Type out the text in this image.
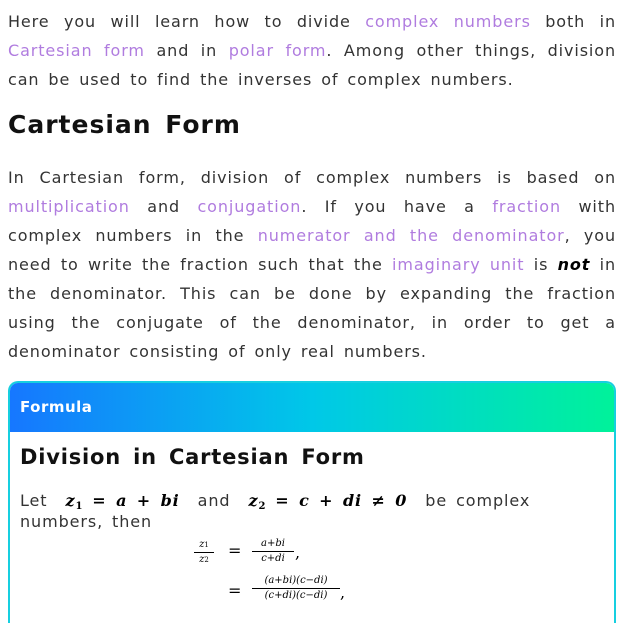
Here you will learn how to divide complex numbers both in Cartesian form and in polar form. Among other things, division can be used to find the inverses of complex numbers.

Cartesian Form

In Cartesian form, division of complex numbers is based on multiplication and conjugation. If you have a fraction with complex numbers in the numerator and the denominator, you need to write the fraction such that the imaginary unit is not in the denominator. This can be done by expanding the fraction using the conjugate of the denominator, in order to get a denominator consisting of only real numbers.

Formula
Division in Cartesian Form

Let $z_1 = a$ + bi and $z_2 = c$ + di ≠ 0 be complex numbers, then

z1
z2	=	a+bi
c+di ,
=
(a+bi)(c−di)
(c+di)(c−di) ,
